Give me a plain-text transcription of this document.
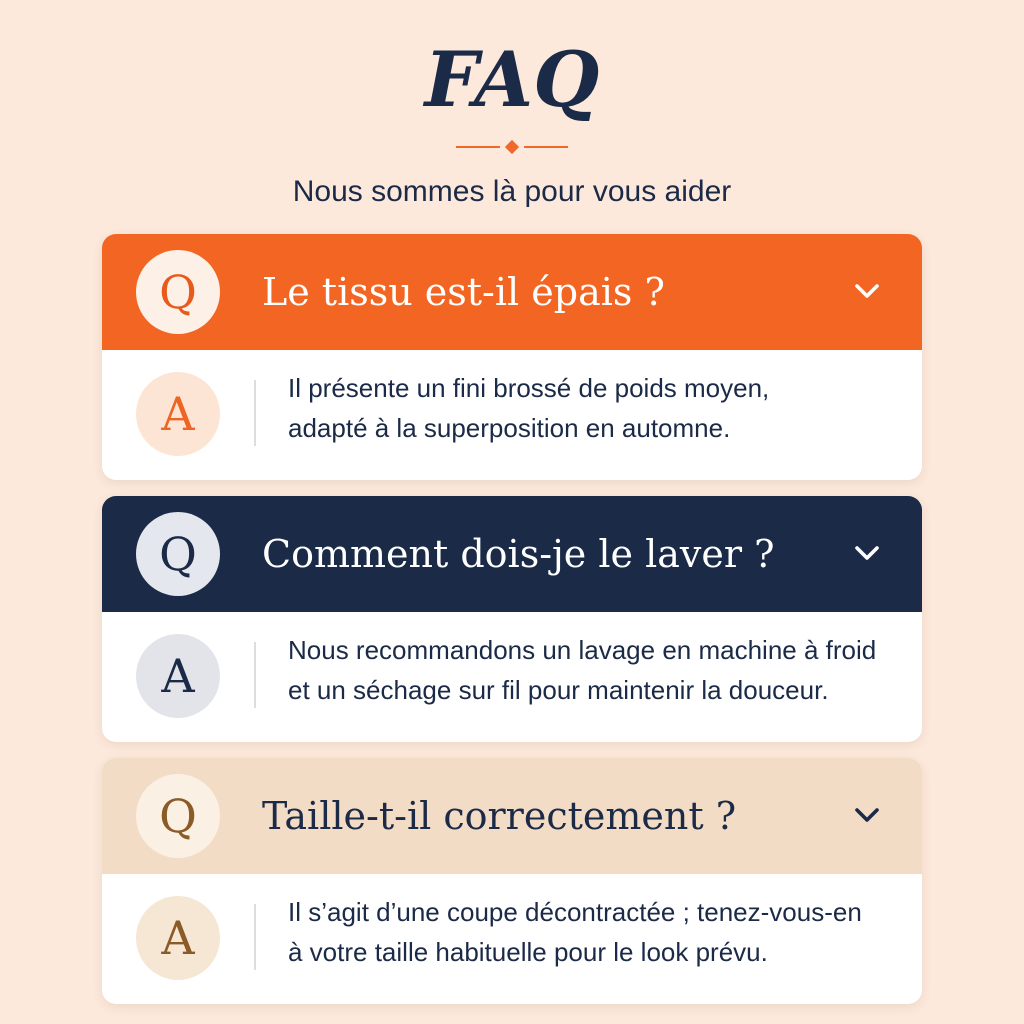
FAQ

Nous sommes là pour vous aider

Q	Le tissu est-il épais ?
A	Il présente un fini brossé de poids moyen,
adapté à la superposition en automne.
Q	Comment dois-je le laver ?
A	Nous recommandons un lavage en machine à froid
et un séchage sur fil pour maintenir la douceur.
Q	Taille-t-il correctement ?
A	Il s’agit d’une coupe décontractée ; tenez-vous-en
à votre taille habituelle pour le look prévu.
